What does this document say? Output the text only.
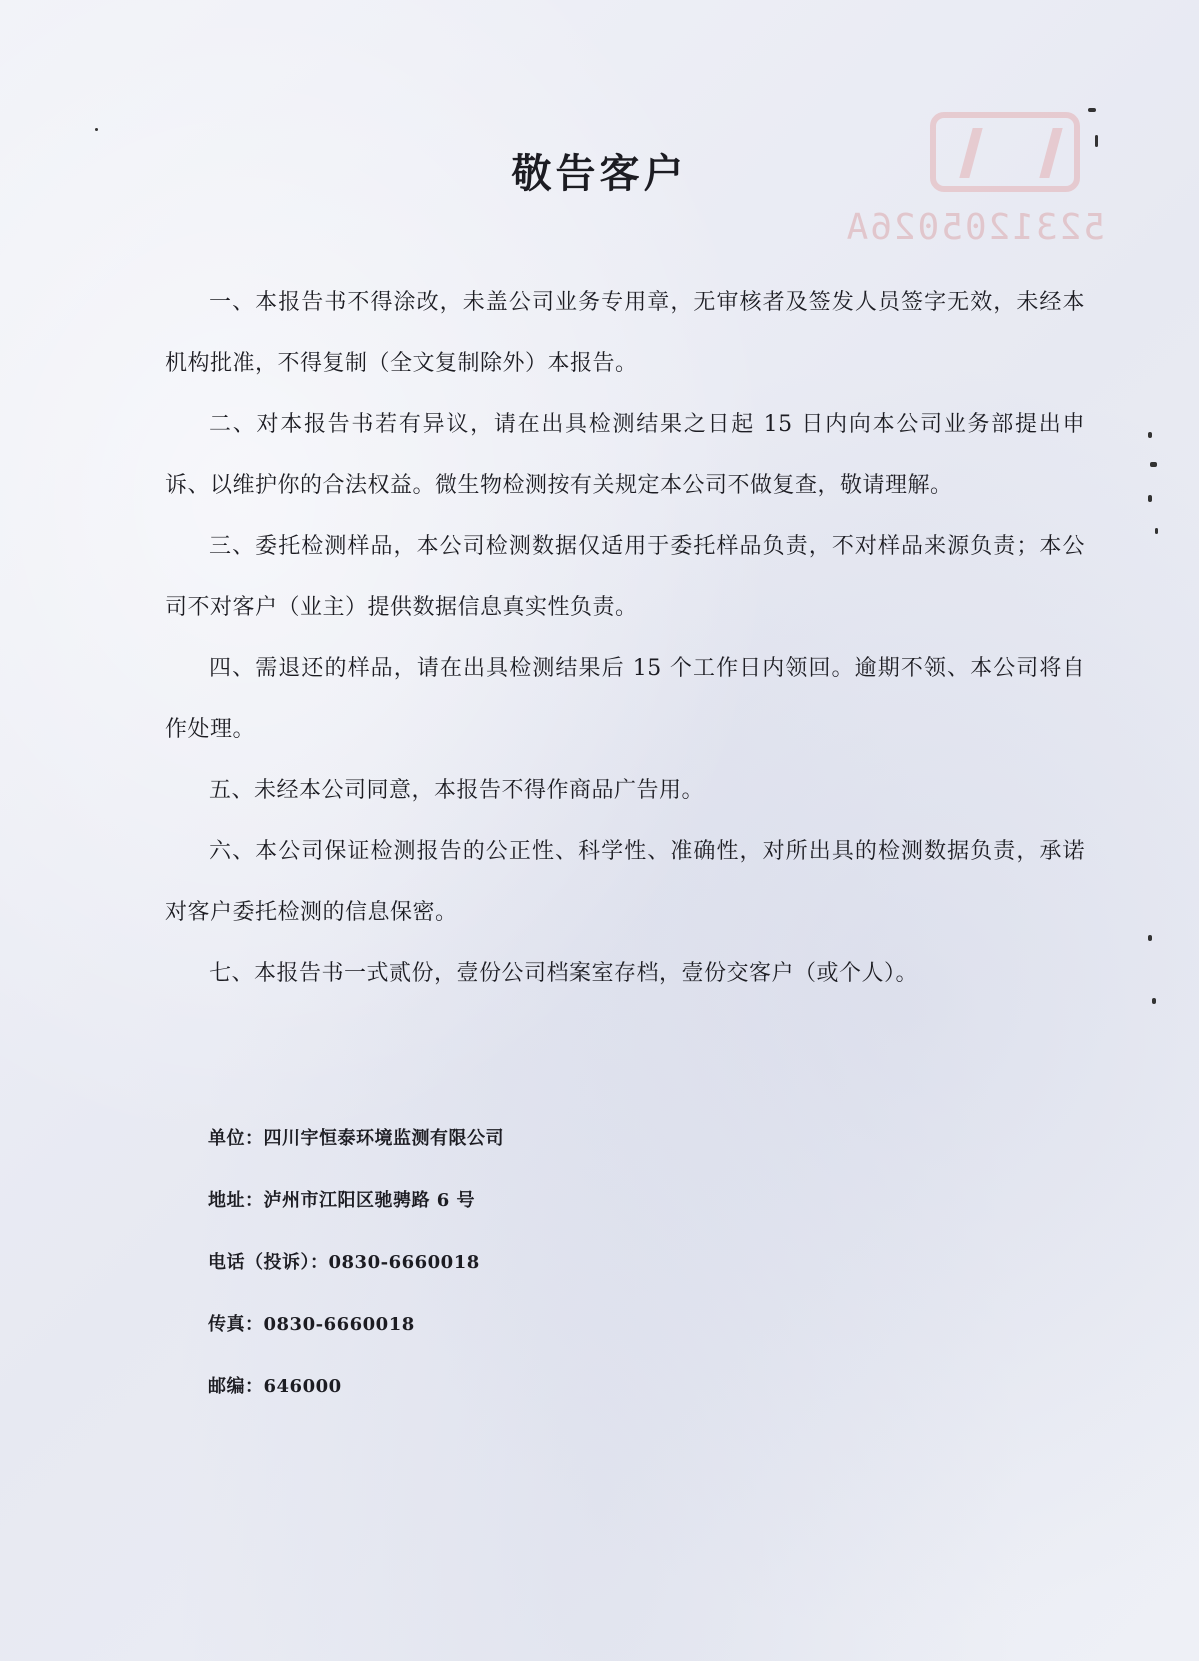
5231205026A
敬告客户
一、本报告书不得涂改，未盖公司业务专用章，无审核者及签发人员签字无效，未经本机构批准，不得复制（全文复制除外）本报告。
二、对本报告书若有异议，请在出具检测结果之日起 15 日内向本公司业务部提出申诉、以维护你的合法权益。微生物检测按有关规定本公司不做复查，敬请理解。
三、委托检测样品，本公司检测数据仅适用于委托样品负责，不对样品来源负责；本公司不对客户（业主）提供数据信息真实性负责。
四、需退还的样品，请在出具检测结果后 15 个工作日内领回。逾期不领、本公司将自作处理。
五、未经本公司同意，本报告不得作商品广告用。
六、本公司保证检测报告的公正性、科学性、准确性，对所出具的检测数据负责，承诺对客户委托检测的信息保密。
七、本报告书一式贰份，壹份公司档案室存档，壹份交客户（或个人）。
单位：四川宇恒泰环境监测有限公司
地址：泸州市江阳区驰骋路 6 号
电话（投诉）：0830-6660018
传真：0830-6660018
邮编：646000
